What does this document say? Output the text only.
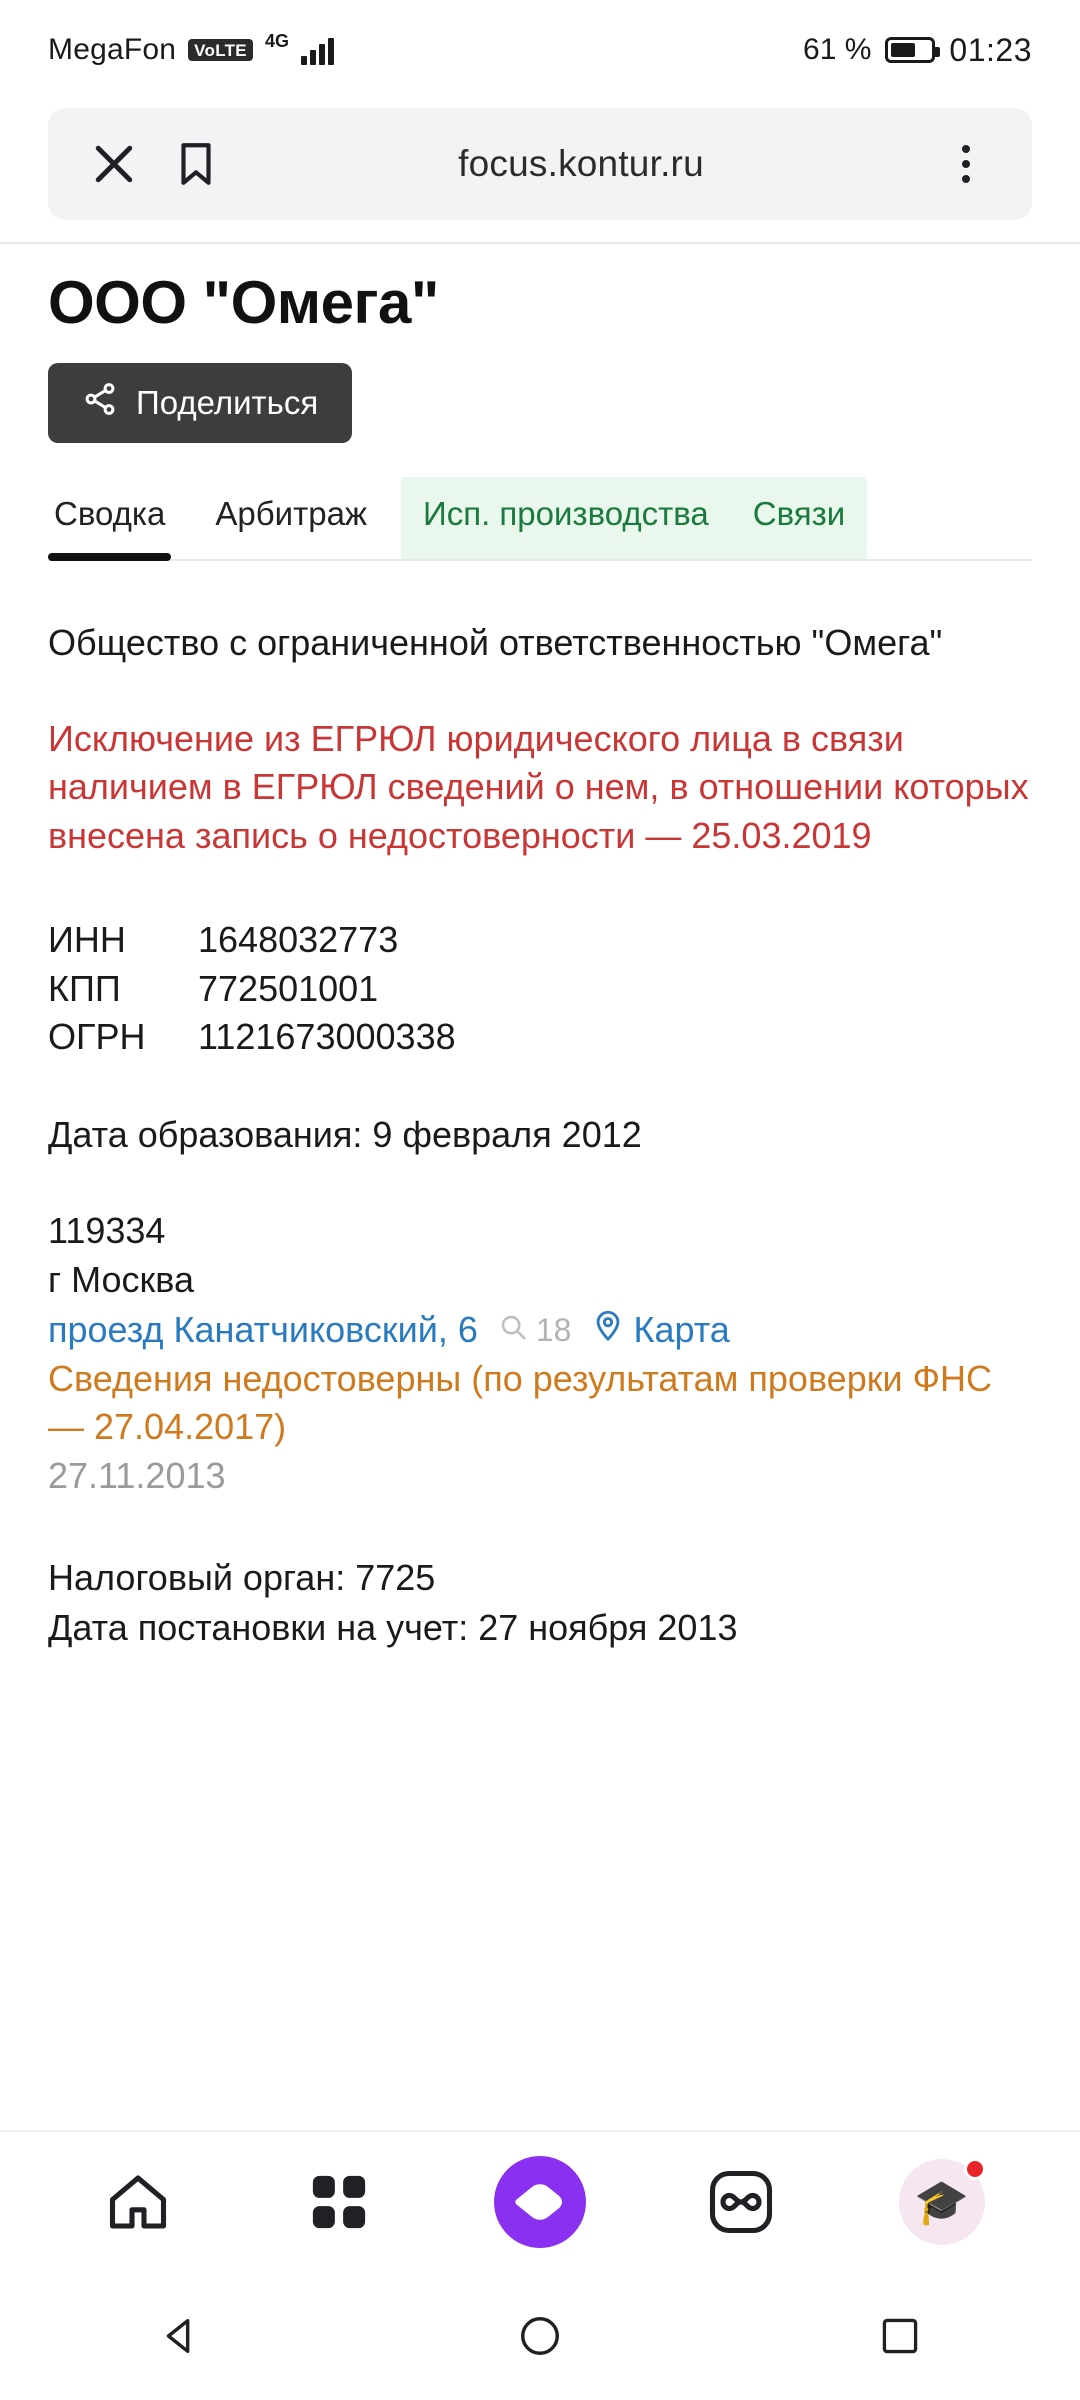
MegaFon	VoLTE	4G	61 % 01:23
focus.kontur.ru
ООО "Омега"
Поделиться
Сводка Арбитраж	Исп. производства	Связи
Общество с ограниченной ответственностью "Омега"
Исключение из ЕГРЮЛ юридического лица в связи наличием в ЕГРЮЛ сведений о нем, в отношении которых внесена запись о недостоверности — 25.03.2019
ИНН	1648032773
КПП	772501001
ОГРН	1121673000338
Дата образования: 9 февраля 2012
119334
г Москва
проезд Канатчиковский, 6 18
Карта
Сведения недостоверны (по результатам проверки ФНС — 27.04.2017)
27.11.2013
Налоговый орган: 7725
Дата постановки на учет: 27 ноября 2013
🎓
